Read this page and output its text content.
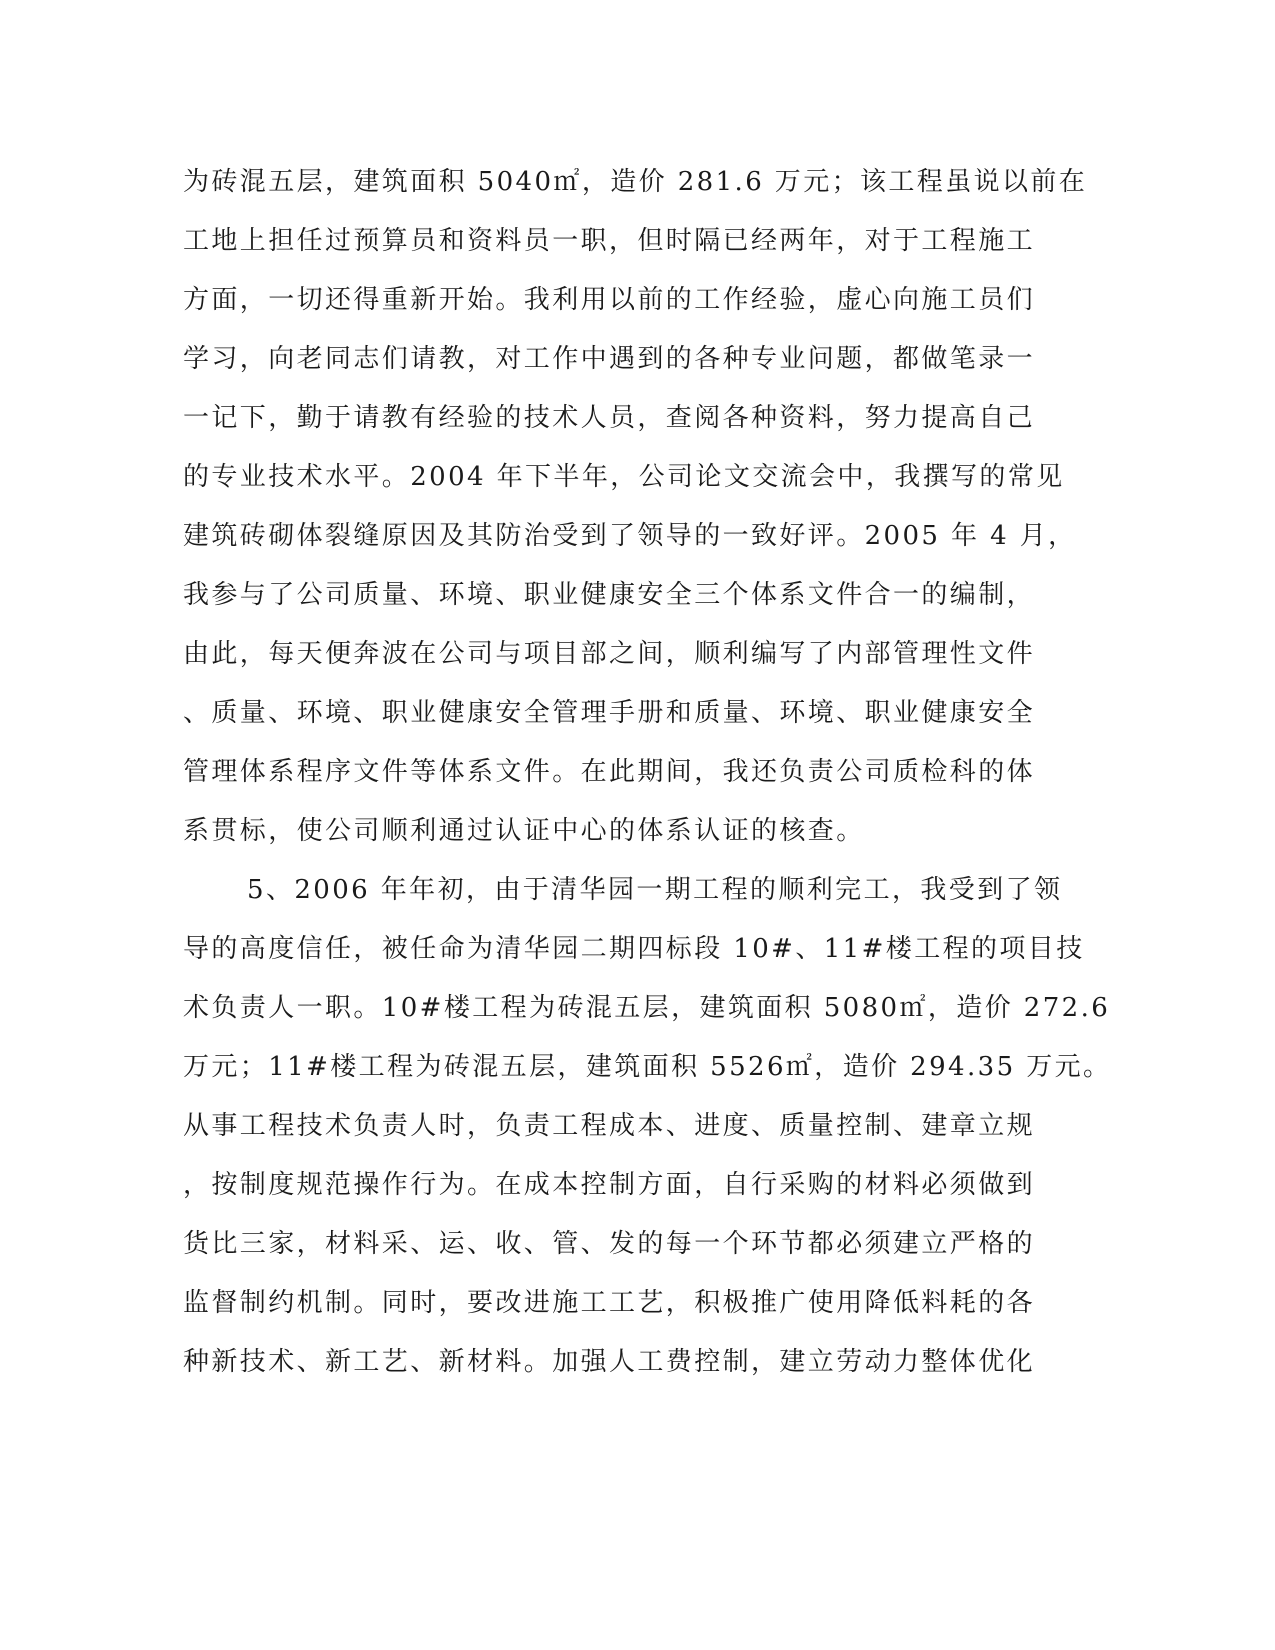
为砖混五层，建筑面积 5040㎡，造价 281.6 万元；该工程虽说以前在
工地上担任过预算员和资料员一职，但时隔已经两年，对于工程施工
方面，一切还得重新开始。我利用以前的工作经验，虚心向施工员们
学习，向老同志们请教，对工作中遇到的各种专业问题，都做笔录一
一记下，勤于请教有经验的技术人员，查阅各种资料，努力提高自己
的专业技术水平。2004 年下半年，公司论文交流会中，我撰写的常见
建筑砖砌体裂缝原因及其防治受到了领导的一致好评。2005 年 4 月，
我参与了公司质量、环境、职业健康安全三个体系文件合一的编制，
由此，每天便奔波在公司与项目部之间，顺利编写了内部管理性文件
、质量、环境、职业健康安全管理手册和质量、环境、职业健康安全
管理体系程序文件等体系文件。在此期间，我还负责公司质检科的体
系贯标，使公司顺利通过认证中心的体系认证的核查。
5、2006 年年初，由于清华园一期工程的顺利完工，我受到了领
导的高度信任，被任命为清华园二期四标段 10#、11#楼工程的项目技
术负责人一职。10#楼工程为砖混五层，建筑面积 5080㎡，造价 272.6
万元；11#楼工程为砖混五层，建筑面积 5526㎡，造价 294.35 万元。
从事工程技术负责人时，负责工程成本、进度、质量控制、建章立规
，按制度规范操作行为。在成本控制方面，自行采购的材料必须做到
货比三家，材料采、运、收、管、发的每一个环节都必须建立严格的
监督制约机制。同时，要改进施工工艺，积极推广使用降低料耗的各
种新技术、新工艺、新材料。加强人工费控制，建立劳动力整体优化
